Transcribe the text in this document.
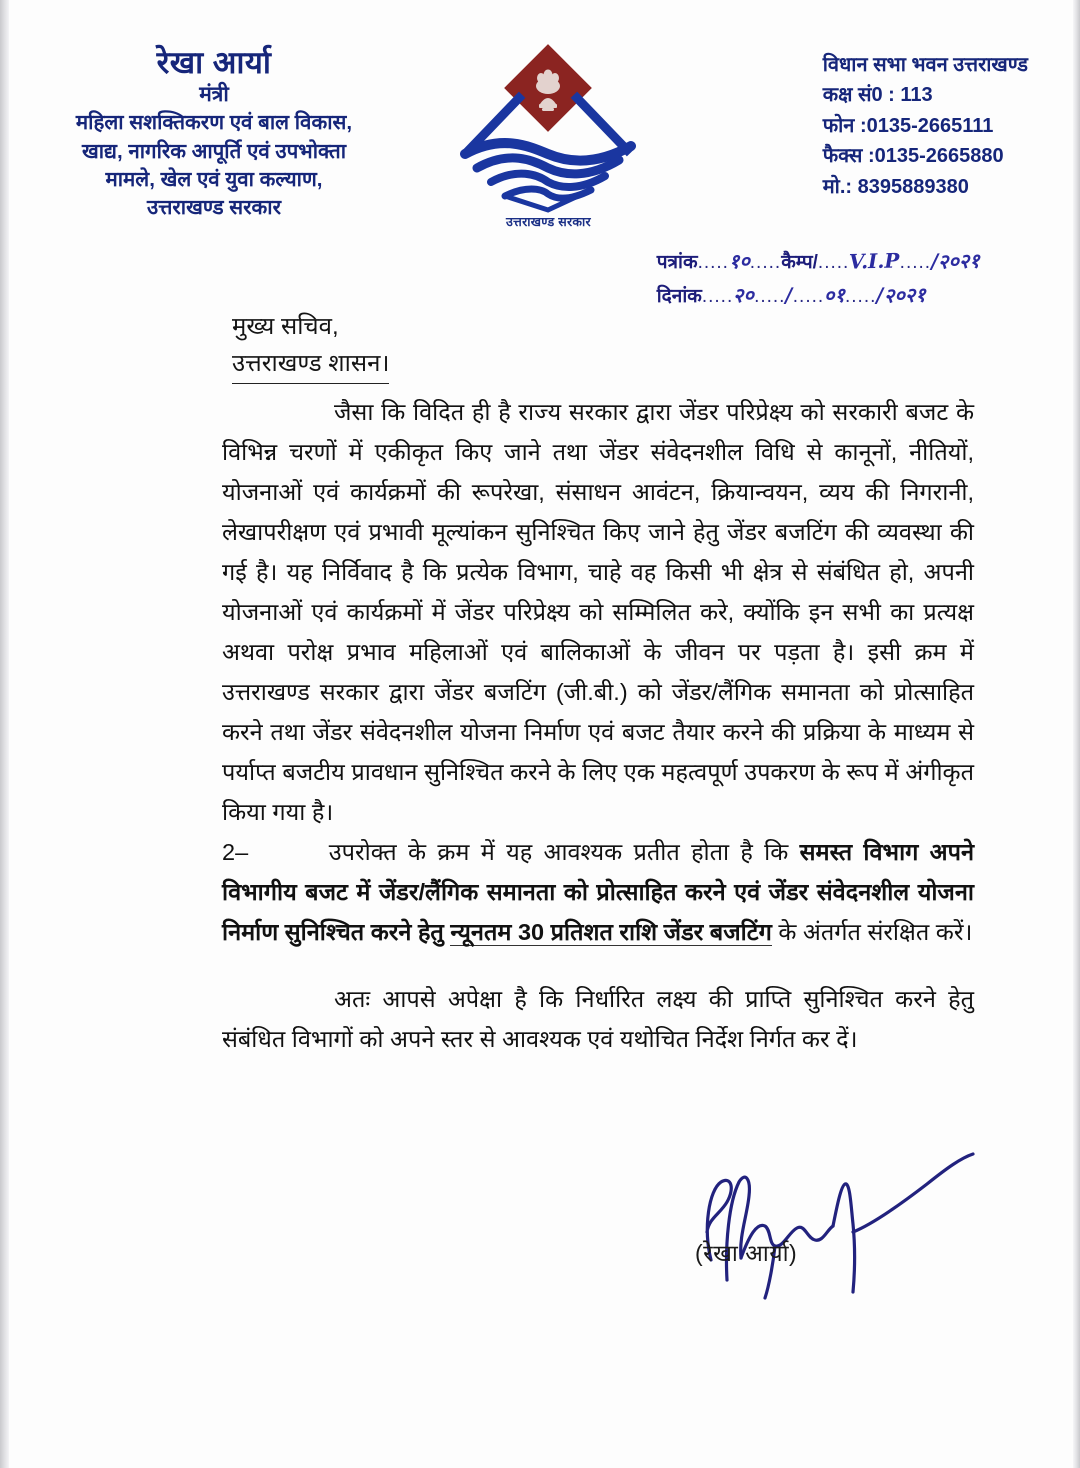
रेखा आर्या
मंत्री
महिला सशक्तिकरण एवं बाल विकास,
खाद्य, नागरिक आपूर्ति एवं उपभोक्ता
मामले, खेल एवं युवा कल्याण,
उत्तराखण्ड सरकार
उत्तराखण्ड सरकार
विधान सभा भवन उत्तराखण्ड
कक्ष सं0 : 113
फोन :0135-2665111
फैक्स :0135-2665880
मो.: 8395889380
पत्रांक ..... १० ..... कैम्प/ ..... V.I.P ..... / २०२१
दिनांक ..... २० ..... / ..... ०१ ..... / २०२१
मुख्य सचिव,
उत्तराखण्ड शासन।

जैसा कि विदित ही है राज्य सरकार द्वारा जेंडर परिप्रेक्ष्य को सरकारी बजट के विभिन्न चरणों में एकीकृत किए जाने तथा जेंडर संवेदनशील विधि से कानूनों, नीतियों, योजनाओं एवं कार्यक्रमों की रूपरेखा, संसाधन आवंटन, क्रियान्वयन, व्यय की निगरानी, लेखापरीक्षण एवं प्रभावी मूल्यांकन सुनिश्चित किए जाने हेतु जेंडर बजटिंग की व्यवस्था की गई है। यह निर्विवाद है कि प्रत्येक विभाग, चाहे वह किसी भी क्षेत्र से संबंधित हो, अपनी योजनाओं एवं कार्यक्रमों में जेंडर परिप्रेक्ष्य को सम्मिलित करे, क्योंकि इन सभी का प्रत्यक्ष अथवा परोक्ष प्रभाव महिलाओं एवं बालिकाओं के जीवन पर पड़ता है। इसी क्रम में उत्तराखण्ड सरकार द्वारा जेंडर बजटिंग (जी.बी.) को जेंडर/लैंगिक समानता को प्रोत्साहित करने तथा जेंडर संवेदनशील योजना निर्माण एवं बजट तैयार करने की प्रक्रिया के माध्यम से पर्याप्त बजटीय प्रावधान सुनिश्चित करने के लिए एक महत्वपूर्ण उपकरण के रूप में अंगीकृत किया गया है।

2–	उपरोक्त के क्रम में यह आवश्यक प्रतीत होता है कि समस्त विभाग अपने विभागीय बजट में जेंडर/लैंगिक समानता को प्रोत्साहित करने एवं जेंडर संवेदनशील योजना निर्माण सुनिश्चित करने हेतु न्यूनतम 30 प्रतिशत राशि जेंडर बजटिंग के अंतर्गत संरक्षित करें।

अतः आपसे अपेक्षा है कि निर्धारित लक्ष्य की प्राप्ति सुनिश्चित करने हेतु संबंधित विभागों को अपने स्तर से आवश्यक एवं यथोचित निर्देश निर्गत कर दें।

(रेखा आर्या)
